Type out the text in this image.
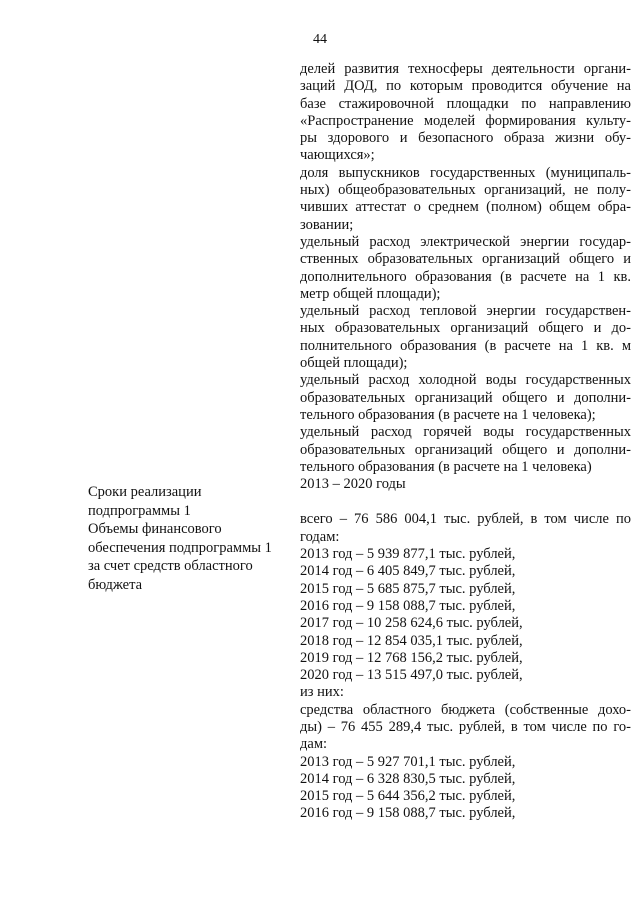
44

Сроки реализации подпрограммы 1

Объемы финансового обеспечения подпрограммы 1 за счет средств областного бюджета

делей развития техносферы деятельности органи-

заций ДОД, по которым проводится обучение на

базе стажировочной площадки по направлению

«Распространение моделей формирования культу-

ры здорового и безопасного образа жизни обу-

чающихся»;

доля выпускников государственных (муниципаль-

ных) общеобразовательных организаций, не полу-

чивших аттестат о среднем (полном) общем обра-

зовании;

удельный расход электрической энергии государ-

ственных образовательных организаций общего и

дополнительного образования (в расчете на 1 кв.

метр общей площади);

удельный расход тепловой энергии государствен-

ных образовательных организаций общего и до-

полнительного образования (в расчете на 1 кв. м

общей площади);

удельный расход холодной воды государственных

образовательных организаций общего и дополни-

тельного образования (в расчете на 1 человека);

удельный расход горячей воды государственных

образовательных организаций общего и дополни-

тельного образования (в расчете на 1 человека)

2013 – 2020 годы

всего – 76 586 004,1 тыс. рублей, в том числе по

годам:

2013 год – 5 939 877,1 тыс. рублей,

2014 год – 6 405 849,7 тыс. рублей,

2015 год – 5 685 875,7 тыс. рублей,

2016 год – 9 158 088,7 тыс. рублей,

2017 год – 10 258 624,6 тыс. рублей,

2018 год – 12 854 035,1 тыс. рублей,

2019 год – 12 768 156,2 тыс. рублей,

2020 год – 13 515 497,0 тыс. рублей,

из них:

средства областного бюджета (собственные дохо-

ды) – 76 455 289,4 тыс. рублей, в том числе по го-

дам:

2013 год – 5 927 701,1 тыс. рублей,

2014 год – 6 328 830,5 тыс. рублей,

2015 год – 5 644 356,2 тыс. рублей,

2016 год – 9 158 088,7 тыс. рублей,
